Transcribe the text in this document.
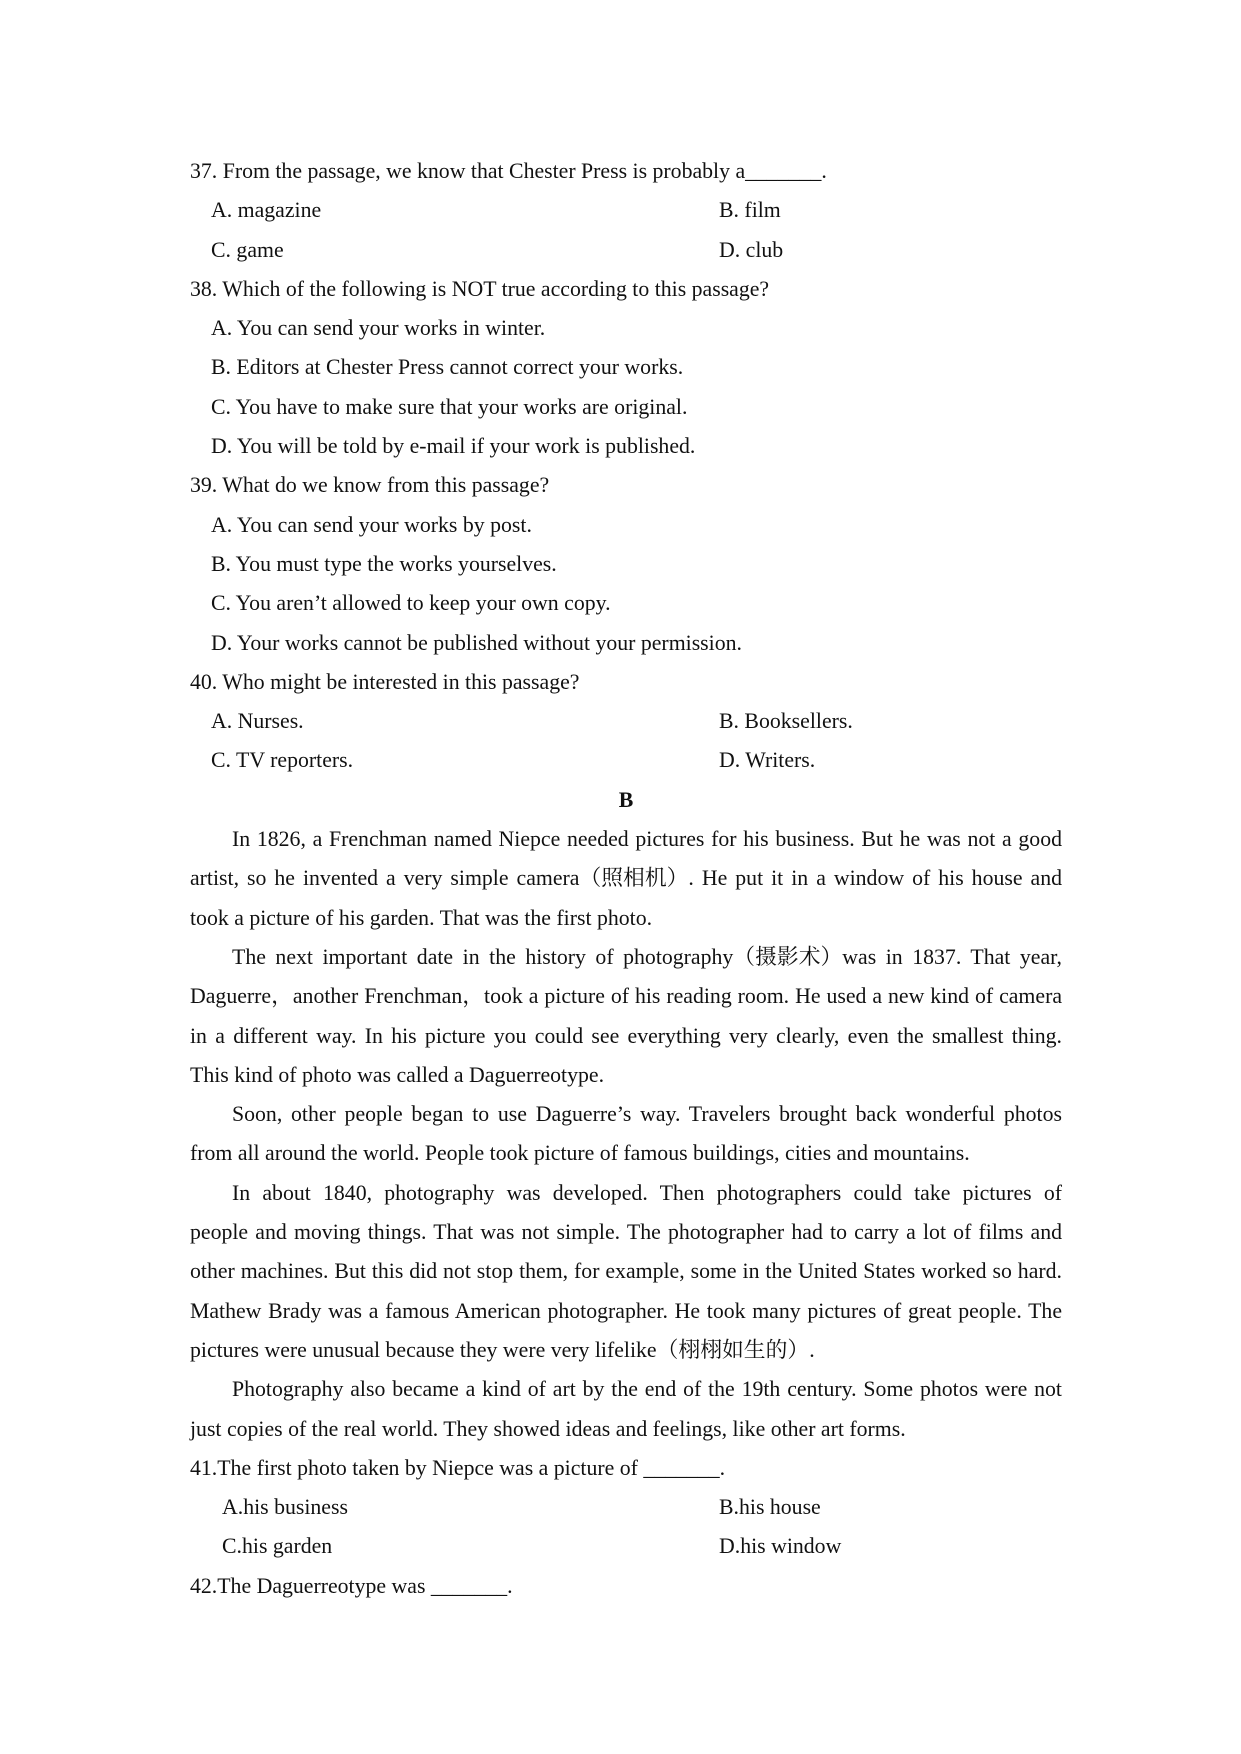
37. From the passage, we know that Chester Press is probably a_______.
A. magazine	B. film
C. game	D. club
38. Which of the following is NOT true according to this passage?
A. You can send your works in winter.
B. Editors at Chester Press cannot correct your works.
C. You have to make sure that your works are original.
D. You will be told by e-mail if your work is published.
39. What do we know from this passage?
A. You can send your works by post.
B. You must type the works yourselves.
C. You aren’t allowed to keep your own copy.
D. Your works cannot be published without your permission.
40. Who might be interested in this passage?
A. Nurses.	B. Booksellers.
C. TV reporters.	D. Writers.
B
In 1826, a Frenchman named Niepce needed pictures for his business. But he was not a good
artist, so he invented a very simple camera（照相机）. He put it in a window of his house and
took a picture of his garden. That was the first photo.
The next important date in the history of photography（摄影术）was in 1837. That year,
Daguerre，another Frenchman，took a picture of his reading room. He used a new kind of camera
in a different way. In his picture you could see everything very clearly, even the smallest thing.
This kind of photo was called a Daguerreotype.
Soon, other people began to use Daguerre’s way. Travelers brought back wonderful photos
from all around the world. People took picture of famous buildings, cities and mountains.
In about 1840, photography was developed. Then photographers could take pictures of
people and moving things. That was not simple. The photographer had to carry a lot of films and
other machines. But this did not stop them, for example, some in the United States worked so hard.
Mathew Brady was a famous American photographer. He took many pictures of great people. The
pictures were unusual because they were very lifelike（栩栩如生的）.
Photography also became a kind of art by the end of the 19th century. Some photos were not
just copies of the real world. They showed ideas and feelings, like other art forms.
41.The first photo taken by Niepce was a picture of _______.
A.his business	B.his house
C.his garden	D.his window
42.The Daguerreotype was _______.
